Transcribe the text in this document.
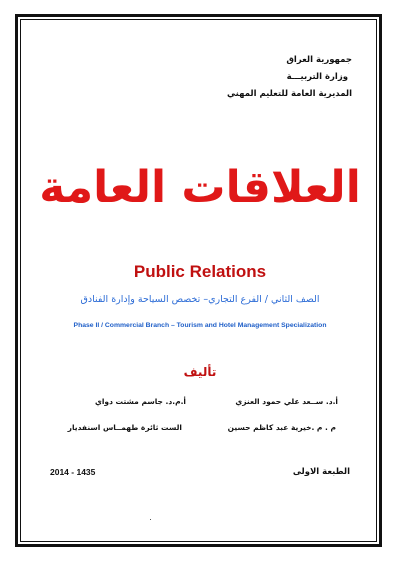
جمهورية العراق
وزارة التربيـــة
المديرية العامة للتعليم المهني
العلاقات العامة
Public Relations
الصف الثاني / الفرع التجاري– تخصص السياحة وإدارة الفنادق
Phase II / Commercial Branch – Tourism and Hotel Management Specialization
تأليف
أ.د. ســعد علي حمود العنزي
أ.م.د. جاسم مشتت دواي
م . م .خيرية عبد كاظم حسين
الست ثائرة طهمــاس اسنفديار
الطبعة الاولى
2014 - 1435
